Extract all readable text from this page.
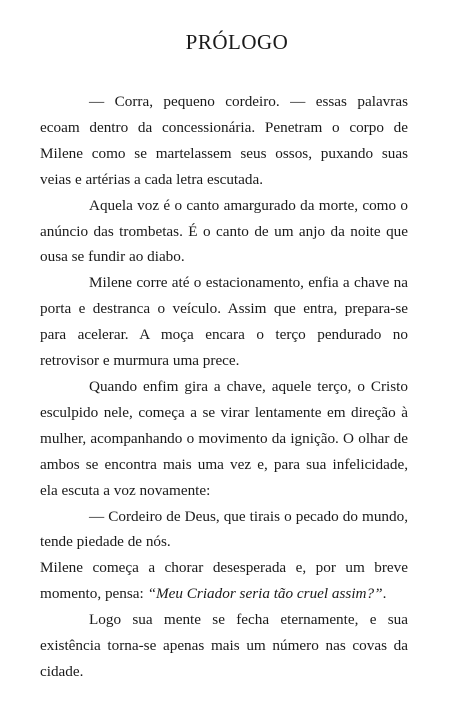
PRÓLOGO

— Corra, pequeno cordeiro. — essas palavras ecoam dentro da concessionária. Penetram o corpo de Milene como se martelassem seus ossos, puxando suas veias e artérias a cada letra escutada.

Aquela voz é o canto amargurado da morte, como o anúncio das trombetas. É o canto de um anjo da noite que ousa se fundir ao diabo.

Milene corre até o estacionamento, enfia a chave na porta e destranca o veículo. Assim que entra, prepara-se para acelerar. A moça encara o terço pendurado no retrovisor e murmura uma prece.

Quando enfim gira a chave, aquele terço, o Cristo esculpido nele, começa a se virar lentamente em direção à mulher, acompanhando o movimento da ignição. O olhar de ambos se encontra mais uma vez e, para sua infelicidade, ela escuta a voz novamente:

— Cordeiro de Deus, que tirais o pecado do mundo, tende piedade de nós.

Milene começa a chorar desesperada e, por um breve momento, pensa: “Meu Criador seria tão cruel assim?”.

Logo sua mente se fecha eternamente, e sua existência torna-se apenas mais um número nas covas da cidade.
